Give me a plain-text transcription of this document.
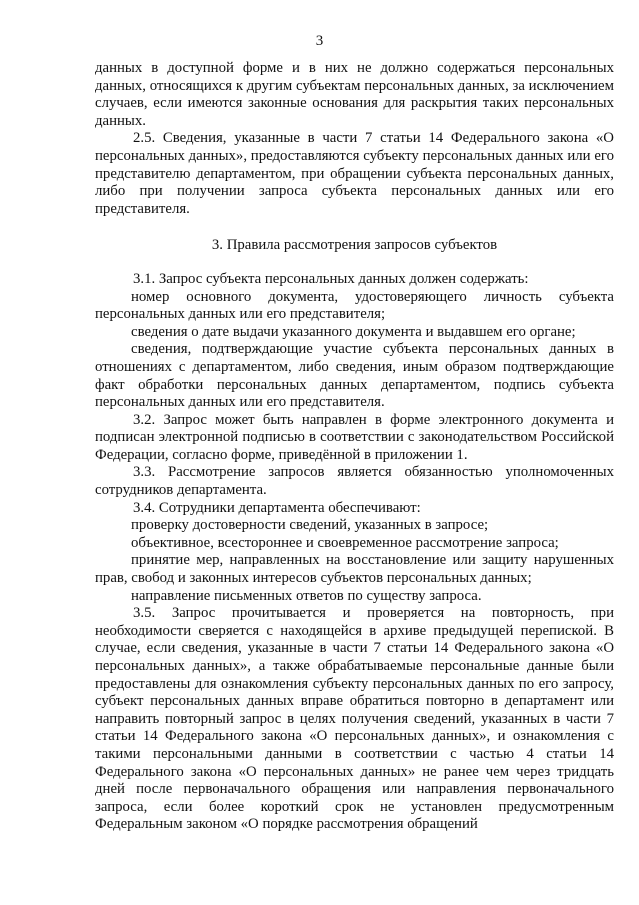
3

данных в доступной форме и в них не должно содержаться персональных данных, относящихся к другим субъектам персональных данных, за исключением случаев, если имеются законные основания для раскрытия таких персональных данных.

2.5. Сведения, указанные в части 7 статьи 14 Федерального закона «О персональных данных», предоставляются субъекту персональных данных или его представителю департаментом, при обращении субъекта персональных данных, либо при получении запроса субъекта персональных данных или его представителя.

3. Правила рассмотрения запросов субъектов

3.1. Запрос субъекта персональных данных должен содержать:

номер основного документа, удостоверяющего личность субъекта персональных данных или его представителя;

сведения о дате выдачи указанного документа и выдавшем его органе;

сведения, подтверждающие участие субъекта персональных данных в отношениях с департаментом, либо сведения, иным образом подтверждающие факт обработки персональных данных департаментом, подпись субъекта персональных данных или его представителя.

3.2. Запрос может быть направлен в форме электронного документа и подписан электронной подписью в соответствии с законодательством Российской Федерации, согласно форме, приведённой в приложении 1.

3.3. Рассмотрение запросов является обязанностью уполномоченных сотрудников департамента.

3.4. Сотрудники департамента обеспечивают:

проверку достоверности сведений, указанных в запросе;

объективное, всестороннее и своевременное рассмотрение запроса;

принятие мер, направленных на восстановление или защиту нарушенных прав, свобод и законных интересов субъектов персональных данных;

направление письменных ответов по существу запроса.

3.5. Запрос прочитывается и проверяется на повторность, при необходимости сверяется с находящейся в архиве предыдущей перепиской. В случае, если сведения, указанные в части 7 статьи 14 Федерального закона «О персональных данных», а также обрабатываемые персональные данные были предоставлены для ознакомления субъекту персональных данных по его запросу, субъект персональных данных вправе обратиться повторно в департамент или направить повторный запрос в целях получения сведений, указанных в части 7 статьи 14 Федерального закона «О персональных данных», и ознакомления с такими персональными данными в соответствии с частью 4 статьи 14 Федерального закона «О персональных данных» не ранее чем через тридцать дней после первоначального обращения или направления первоначального запроса, если более короткий срок не установлен предусмотренным Федеральным законом «О порядке рассмотрения обращений
